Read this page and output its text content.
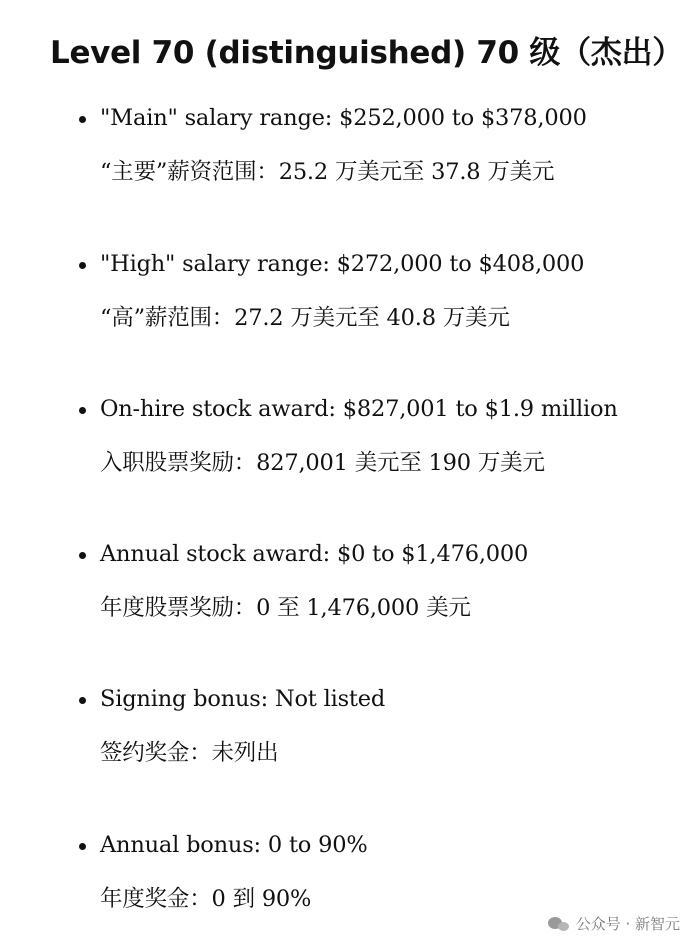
Level 70 (distinguished) 70 级（杰出）
"Main" salary range: $252,000 to $378,000
“主要”薪资范围：25.2 万美元至 37.8 万美元
"High" salary range: $272,000 to $408,000
“高”薪范围：27.2 万美元至 40.8 万美元
On-hire stock award: $827,001 to $1.9 million
入职股票奖励：827,001 美元至 190 万美元
Annual stock award: $0 to $1,476,000
年度股票奖励：0 至 1,476,000 美元
Signing bonus: Not listed
签约奖金：未列出
Annual bonus: 0 to 90%
年度奖金：0 到 90%
公众号 · 新智元
